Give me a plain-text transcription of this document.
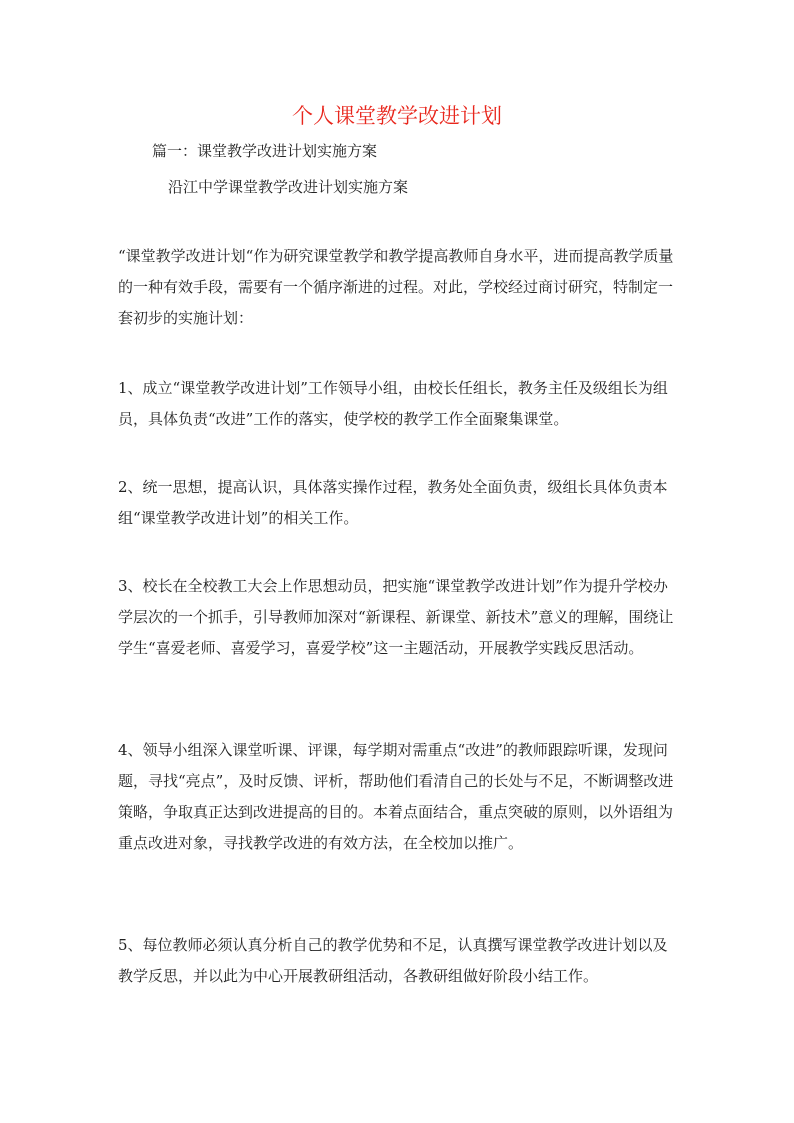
个人课堂教学改进计划
篇一：课堂教学改进计划实施方案
沿江中学课堂教学改进计划实施方案

“课堂教学改进计划“作为研究课堂教学和教学提高教师自身水平，进而提高教学质量的一种有效手段，需要有一个循序渐进的过程。对此，学校经过商讨研究，特制定一套初步的实施计划：

1、成立“课堂教学改进计划”工作领导小组，由校长任组长，教务主任及级组长为组员，具体负责“改进”工作的落实，使学校的教学工作全面聚集课堂。

2、统一思想，提高认识，具体落实操作过程，教务处全面负责，级组长具体负责本组“课堂教学改进计划”的相关工作。

3、校长在全校教工大会上作思想动员，把实施“课堂教学改进计划”作为提升学校办学层次的一个抓手，引导教师加深对“新课程、新课堂、新技术”意义的理解，围绕让学生“喜爱老师、喜爱学习，喜爱学校”这一主题活动，开展教学实践反思活动。

4、领导小组深入课堂听课、评课，每学期对需重点“改进”的教师跟踪听课，发现问题，寻找“亮点”，及时反馈、评析，帮助他们看清自己的长处与不足，不断调整改进策略，争取真正达到改进提高的目的。本着点面结合，重点突破的原则，以外语组为重点改进对象，寻找教学改进的有效方法，在全校加以推广。

5、每位教师必须认真分析自己的教学优势和不足，认真撰写课堂教学改进计划以及教学反思，并以此为中心开展教研组活动，各教研组做好阶段小结工作。
